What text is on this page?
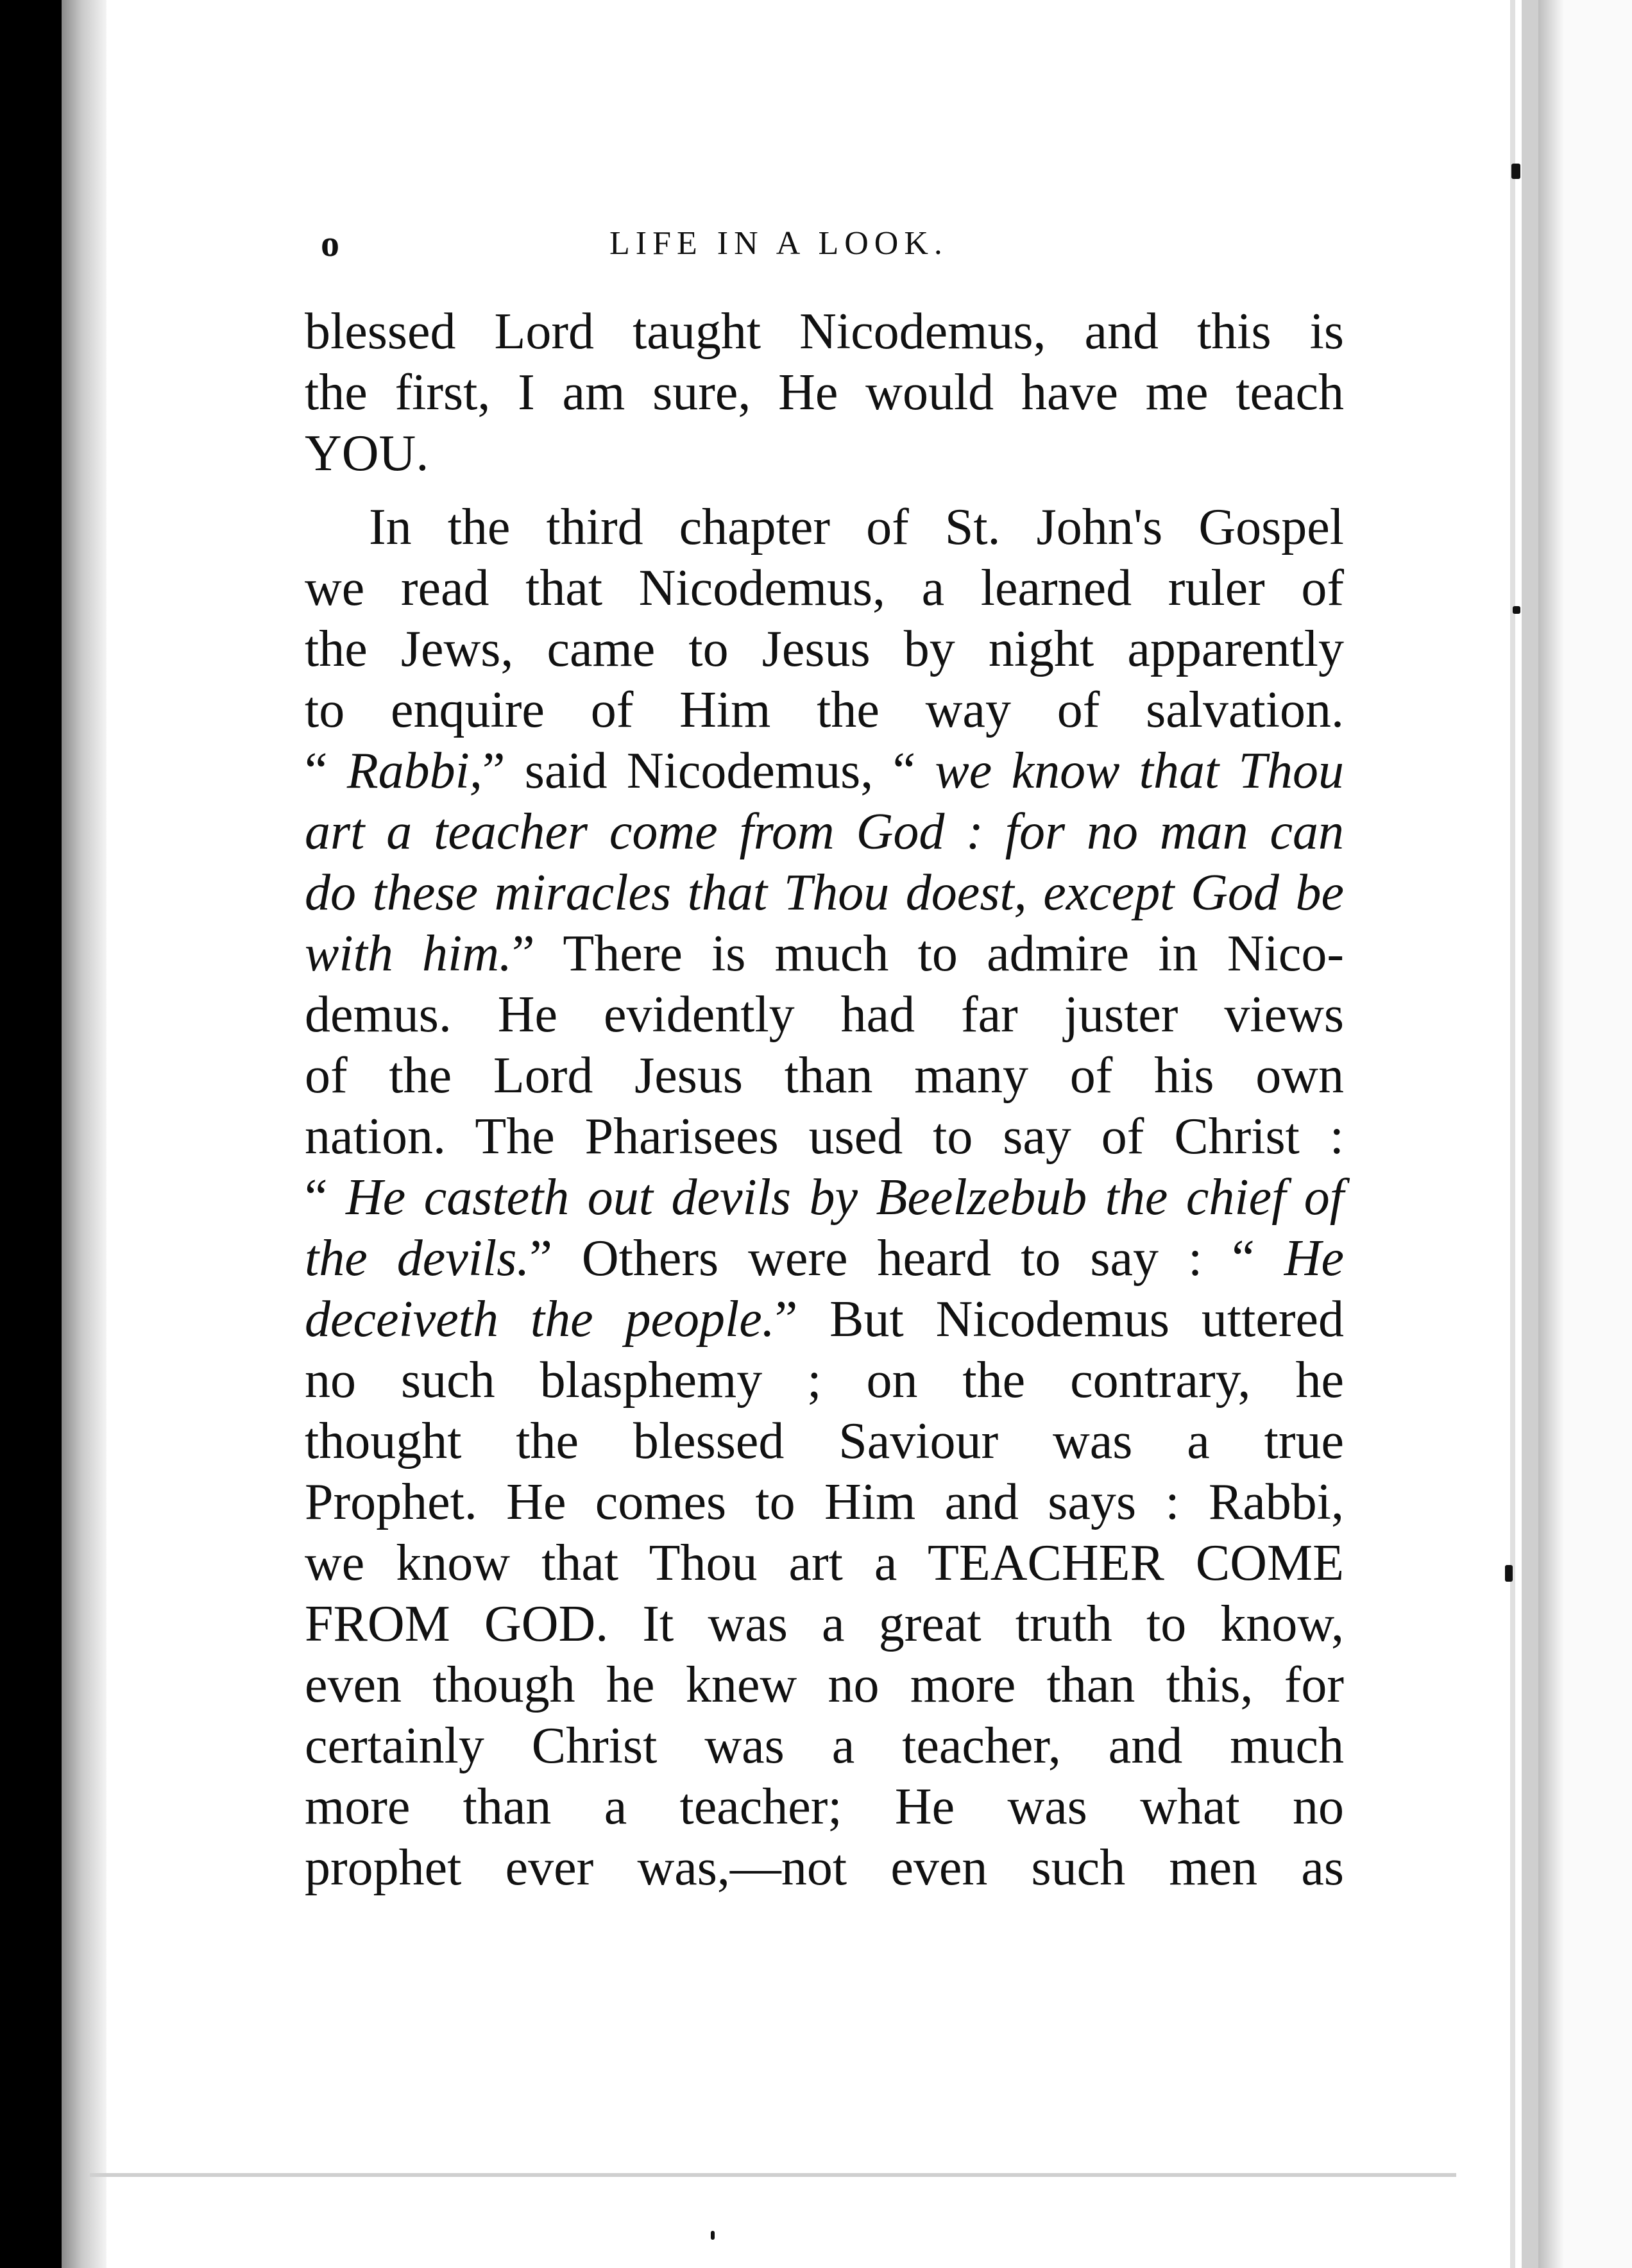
o	LIFE IN A LOOK.
blessed Lord taught Nicodemus, and this is
the first, I am sure, He would have me teach
YOU.
In the third chapter of St. John's Gospel
we read that Nicodemus, a learned ruler of
the Jews, came to Jesus by night apparently
to enquire of Him the way of salvation.
“ Rabbi,” said Nicodemus, “ we know that Thou
art a teacher come from God : for no man can
do these miracles that Thou doest, except God be
with him.” There is much to admire in Nico-
demus. He evidently had far juster views
of the Lord Jesus than many of his own
nation. The Pharisees used to say of Christ :
“ He casteth out devils by Beelzebub the chief of
the devils.” Others were heard to say : “ He
deceiveth the people.” But Nicodemus uttered
no such blasphemy ; on the contrary, he
thought the blessed Saviour was a true
Prophet. He comes to Him and says : Rabbi,
we know that Thou art a TEACHER COME
FROM GOD. It was a great truth to know,
even though he knew no more than this, for
certainly Christ was a teacher, and much
more than a teacher; He was what no
prophet ever was,—not even such men as
